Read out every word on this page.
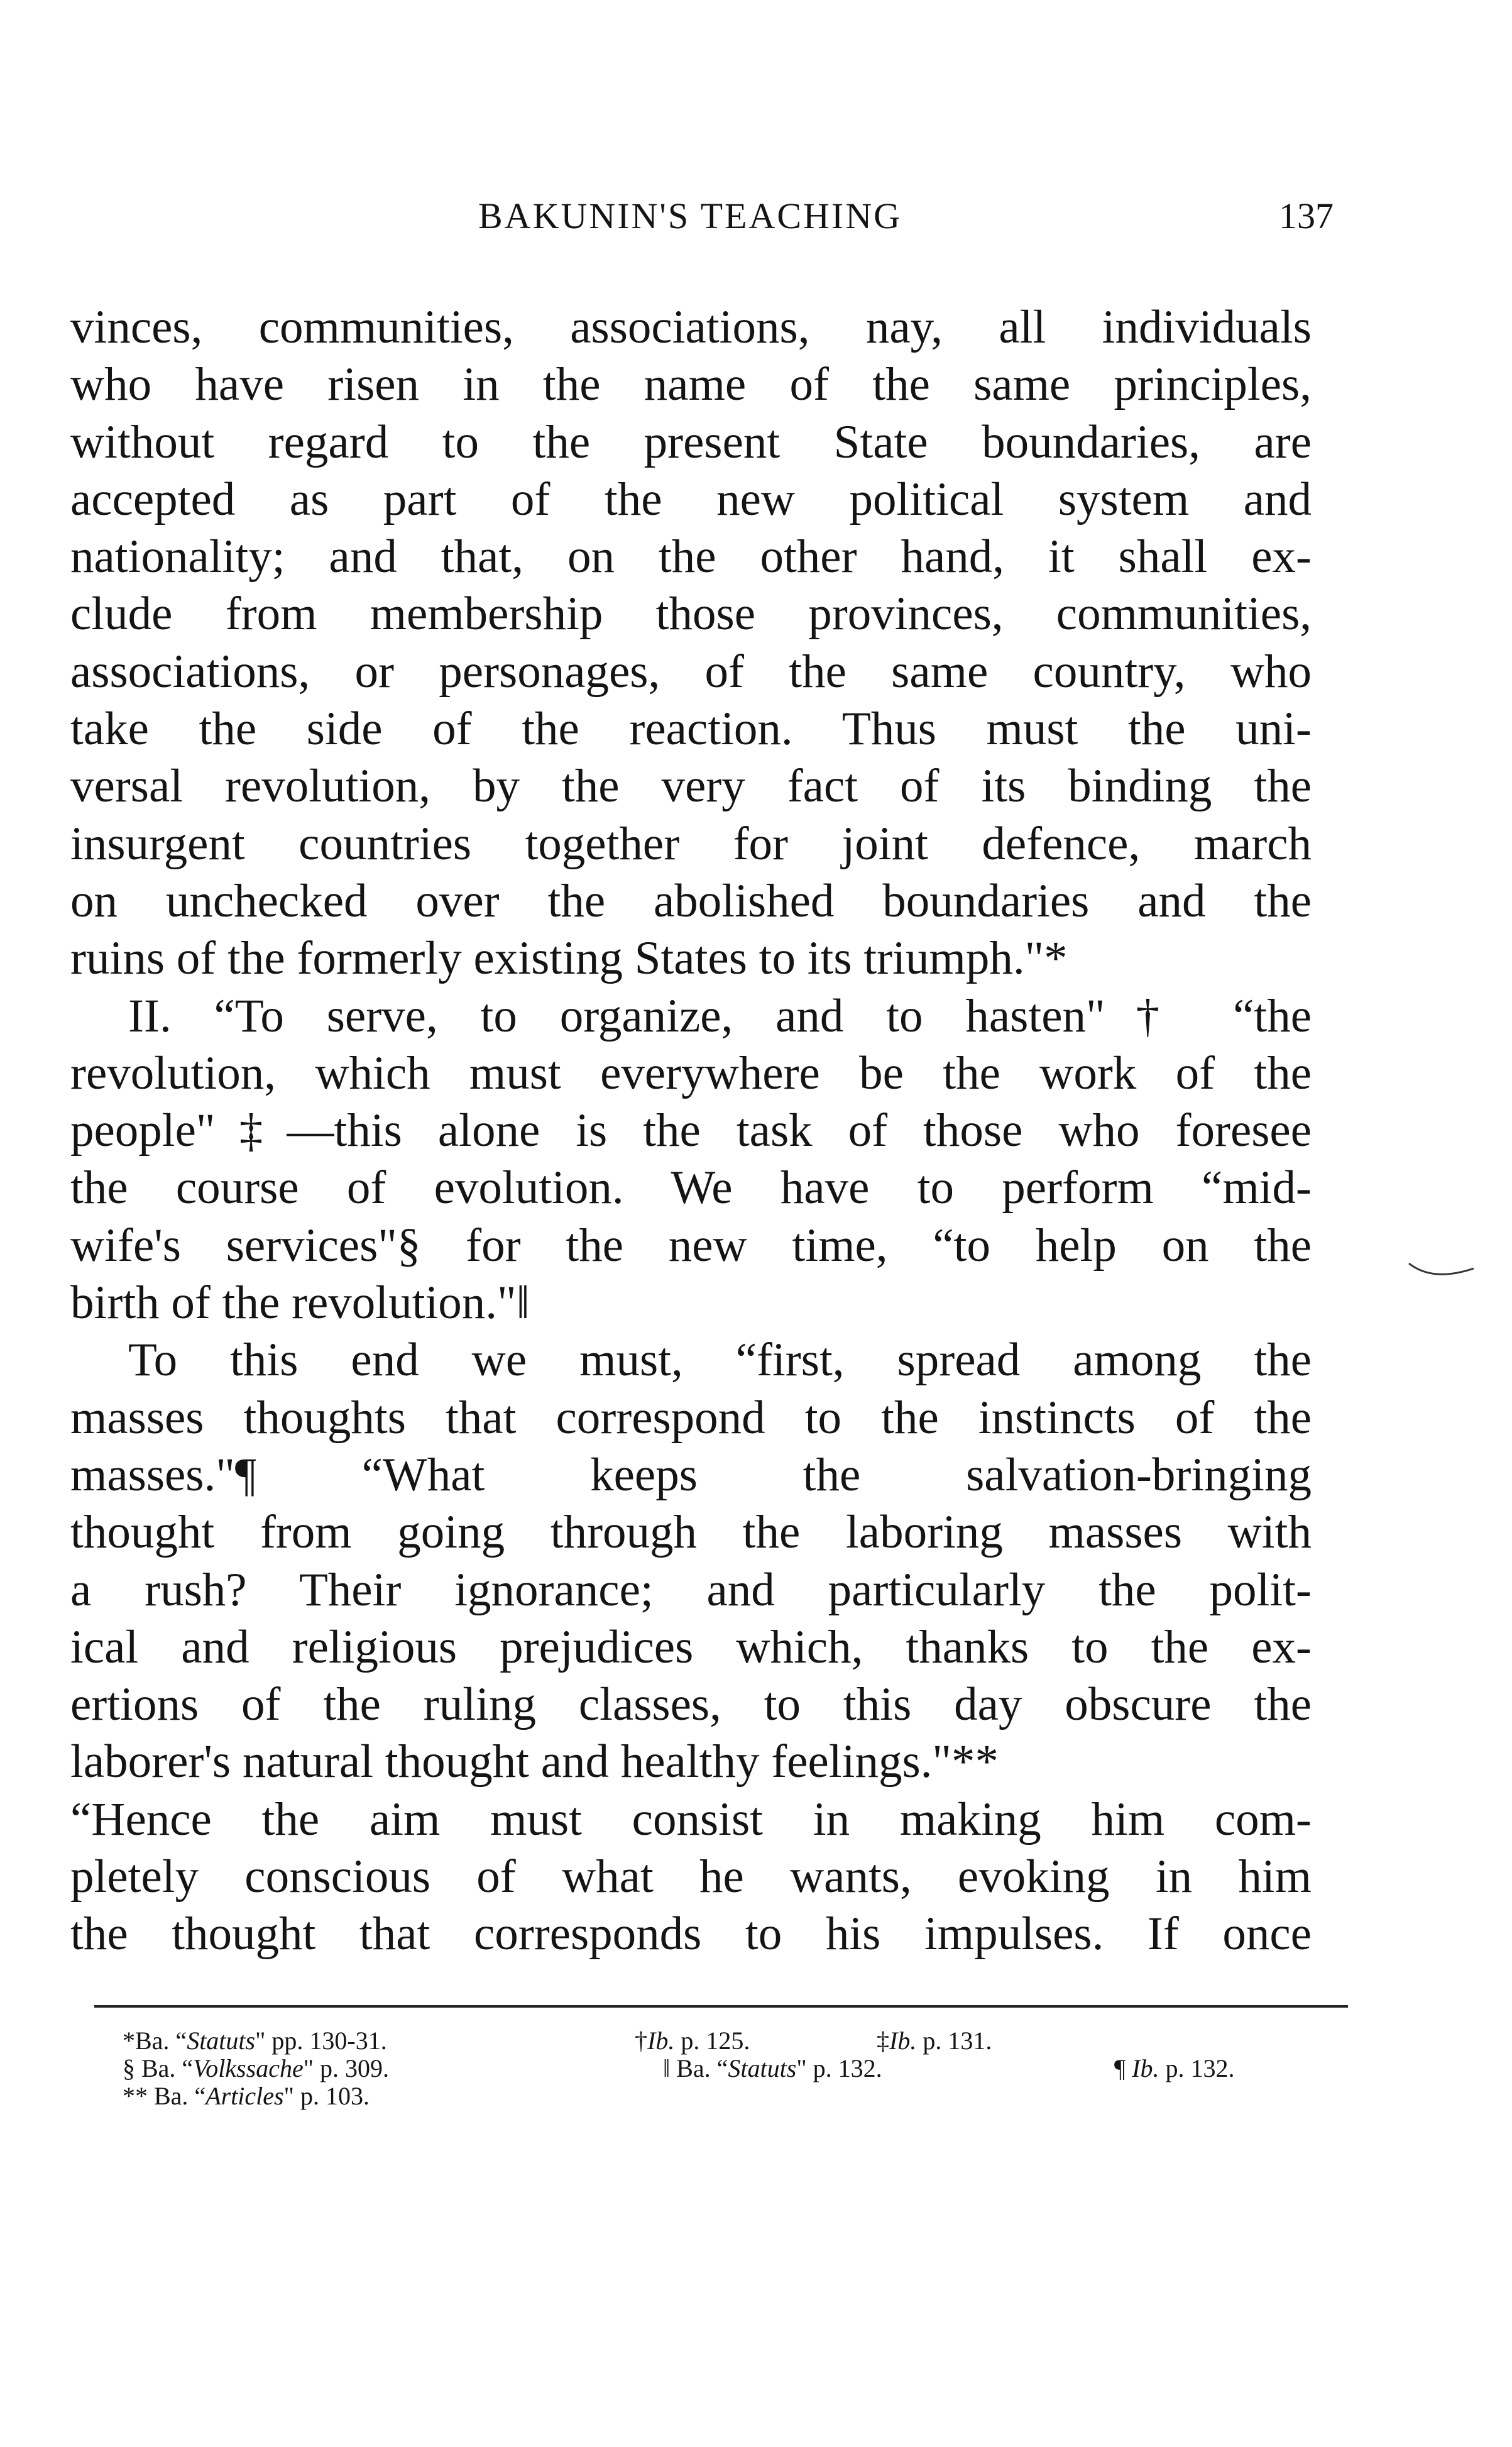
BAKUNIN'S TEACHING	137
vinces, communities, associations, nay, all individuals
who have risen in the name of the same principles,
without regard to the present State boundaries, are
accepted as part of the new political system and
nationality; and that, on the other hand, it shall ex-
clude from membership those provinces, communities,
associations, or personages, of the same country, who
take the side of the reaction. Thus must the uni-
versal revolution, by the very fact of its binding the
insurgent countries together for joint defence, march
on unchecked over the abolished boundaries and the
ruins of the formerly existing States to its triumph."*
II. “To serve, to organize, and to hasten"† “the
revolution, which must everywhere be the work of the
people"‡—this alone is the task of those who foresee
the course of evolution. We have to perform “mid-
wife's services"§ for the new time, “to help on the
birth of the revolution."‖
To this end we must, “first, spread among the
masses thoughts that correspond to the instincts of the
masses."¶ “What keeps the salvation-bringing
thought from going through the laboring masses with
a rush? Their ignorance; and particularly the polit-
ical and religious prejudices which, thanks to the ex-
ertions of the ruling classes, to this day obscure the
laborer's natural thought and healthy feelings."**
“Hence the aim must consist in making him com-
pletely conscious of what he wants, evoking in him
the thought that corresponds to his impulses. If once
*Ba. “Statuts" pp. 130-31.	†Ib. p. 125.	‡Ib. p. 131.
§ Ba. “Volkssache" p. 309.	‖ Ba. “Statuts" p. 132.	¶ Ib. p. 132.
** Ba. “Articles" p. 103.
